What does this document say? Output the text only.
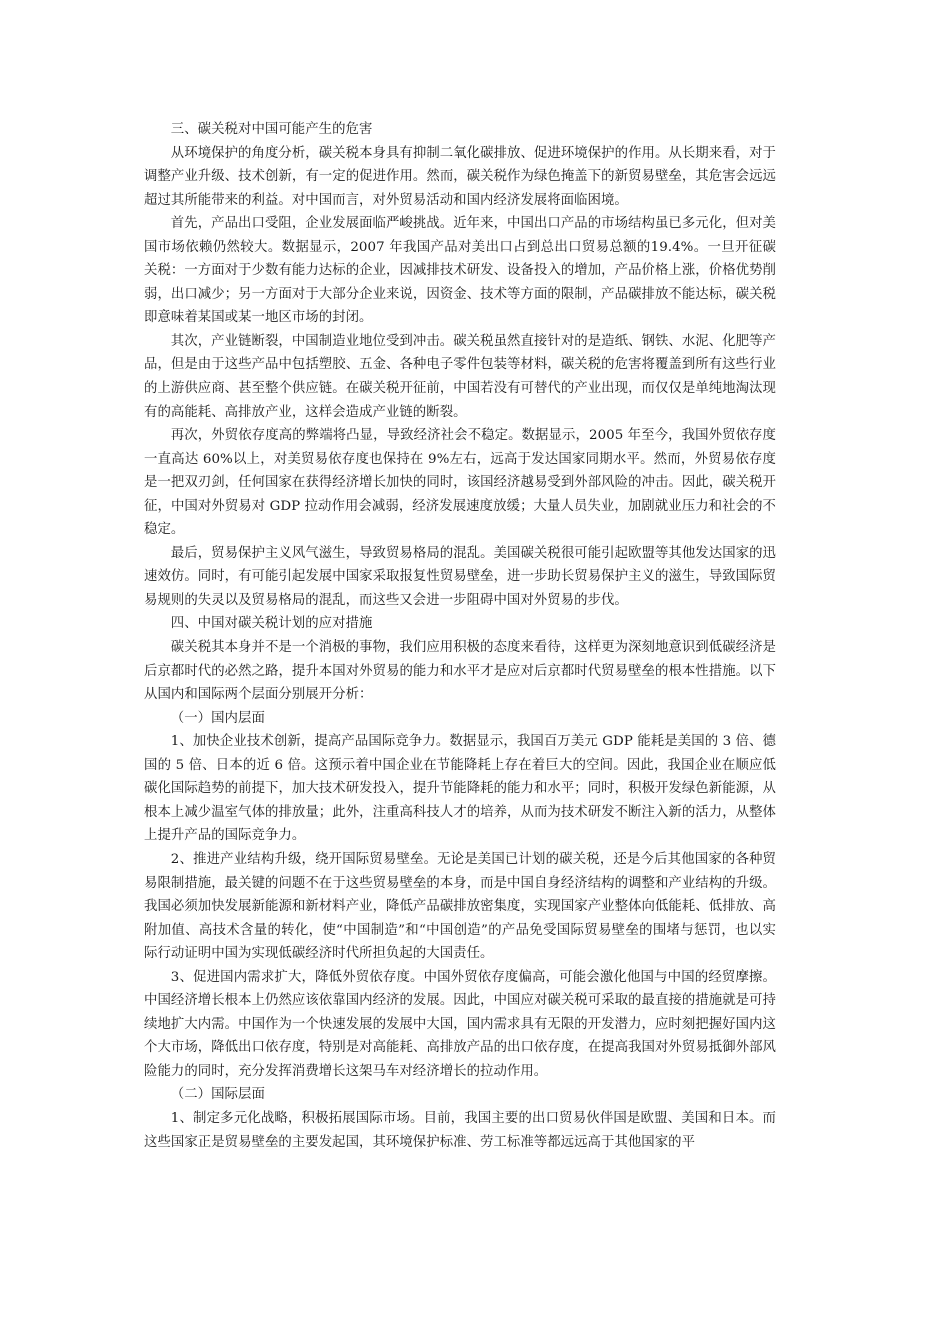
三、碳关税对中国可能产生的危害

从环境保护的角度分析，碳关税本身具有抑制二氧化碳排放、促进环境保护的作用。从长期来看，对于调整产业升级、技术创新，有一定的促进作用。然而，碳关税作为绿色掩盖下的新贸易壁垒，其危害会远远超过其所能带来的利益。对中国而言，对外贸易活动和国内经济发展将面临困境。

首先，产品出口受阻，企业发展面临严峻挑战。近年来，中国出口产品的市场结构虽已多元化，但对美国市场依赖仍然较大。数据显示，2007 年我国产品对美出口占到总出口贸易总额的19.4%。一旦开征碳关税：一方面对于少数有能力达标的企业，因减排技术研发、设备投入的增加，产品价格上涨，价格优势削弱，出口减少；另一方面对于大部分企业来说，因资金、技术等方面的限制，产品碳排放不能达标，碳关税即意味着某国或某一地区市场的封闭。

其次，产业链断裂，中国制造业地位受到冲击。碳关税虽然直接针对的是造纸、钢铁、水泥、化肥等产品，但是由于这些产品中包括塑胶、五金、各种电子零件包装等材料，碳关税的危害将覆盖到所有这些行业的上游供应商、甚至整个供应链。在碳关税开征前，中国若没有可替代的产业出现，而仅仅是单纯地淘汰现有的高能耗、高排放产业，这样会造成产业链的断裂。

再次，外贸依存度高的弊端将凸显，导致经济社会不稳定。数据显示，2005 年至今，我国外贸依存度一直高达 60%以上，对美贸易依存度也保持在 9%左右，远高于发达国家同期水平。然而，外贸易依存度是一把双刃剑，任何国家在获得经济增长加快的同时，该国经济越易受到外部风险的冲击。因此，碳关税开征，中国对外贸易对 GDP 拉动作用会减弱，经济发展速度放缓；大量人员失业，加剧就业压力和社会的不稳定。

最后，贸易保护主义风气滋生，导致贸易格局的混乱。美国碳关税很可能引起欧盟等其他发达国家的迅速效仿。同时，有可能引起发展中国家采取报复性贸易壁垒，进一步助长贸易保护主义的滋生，导致国际贸易规则的失灵以及贸易格局的混乱，而这些又会进一步阻碍中国对外贸易的步伐。

四、中国对碳关税计划的应对措施

碳关税其本身并不是一个消极的事物，我们应用积极的态度来看待，这样更为深刻地意识到低碳经济是后京都时代的必然之路，提升本国对外贸易的能力和水平才是应对后京都时代贸易壁垒的根本性措施。以下从国内和国际两个层面分别展开分析：

（一）国内层面

1、加快企业技术创新，提高产品国际竞争力。数据显示，我国百万美元 GDP 能耗是美国的 3 倍、德国的 5 倍、日本的近 6 倍。这预示着中国企业在节能降耗上存在着巨大的空间。因此，我国企业在顺应低碳化国际趋势的前提下，加大技术研发投入，提升节能降耗的能力和水平；同时，积极开发绿色新能源，从根本上减少温室气体的排放量；此外，注重高科技人才的培养，从而为技术研发不断注入新的活力，从整体上提升产品的国际竞争力。

2、推进产业结构升级，绕开国际贸易壁垒。无论是美国已计划的碳关税，还是今后其他国家的各种贸易限制措施，最关键的问题不在于这些贸易壁垒的本身，而是中国自身经济结构的调整和产业结构的升级。我国必须加快发展新能源和新材料产业，降低产品碳排放密集度，实现国家产业整体向低能耗、低排放、高附加值、高技术含量的转化，使“中国制造”和“中国创造”的产品免受国际贸易壁垒的围堵与惩罚，也以实际行动证明中国为实现低碳经济时代所担负起的大国责任。

3、促进国内需求扩大，降低外贸依存度。中国外贸依存度偏高，可能会激化他国与中国的经贸摩擦。中国经济增长根本上仍然应该依靠国内经济的发展。因此，中国应对碳关税可采取的最直接的措施就是可持续地扩大内需。中国作为一个快速发展的发展中大国，国内需求具有无限的开发潜力，应时刻把握好国内这个大市场，降低出口依存度，特别是对高能耗、高排放产品的出口依存度，在提高我国对外贸易抵御外部风险能力的同时，充分发挥消费增长这架马车对经济增长的拉动作用。

（二）国际层面

1、制定多元化战略，积极拓展国际市场。目前，我国主要的出口贸易伙伴国是欧盟、美国和日本。而这些国家正是贸易壁垒的主要发起国，其环境保护标准、劳工标准等都远远高于其他国家的平
